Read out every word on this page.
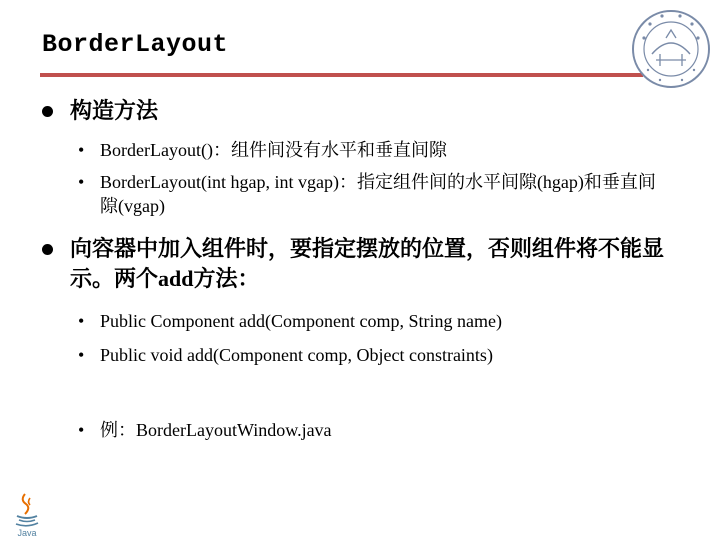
BorderLayout
构造方法
• BorderLayout()：组件间没有水平和垂直间隙
• BorderLayout(int hgap, int vgap)：指定组件间的水平间隙(hgap)和垂直间隙(vgap)
向容器中加入组件时，要指定摆放的位置，否则组件将不能显示。两个add方法：
• Public Component add(Component comp, String name)
• Public void add(Component comp, Object constraints)
• 例：BorderLayoutWindow.java
Java
